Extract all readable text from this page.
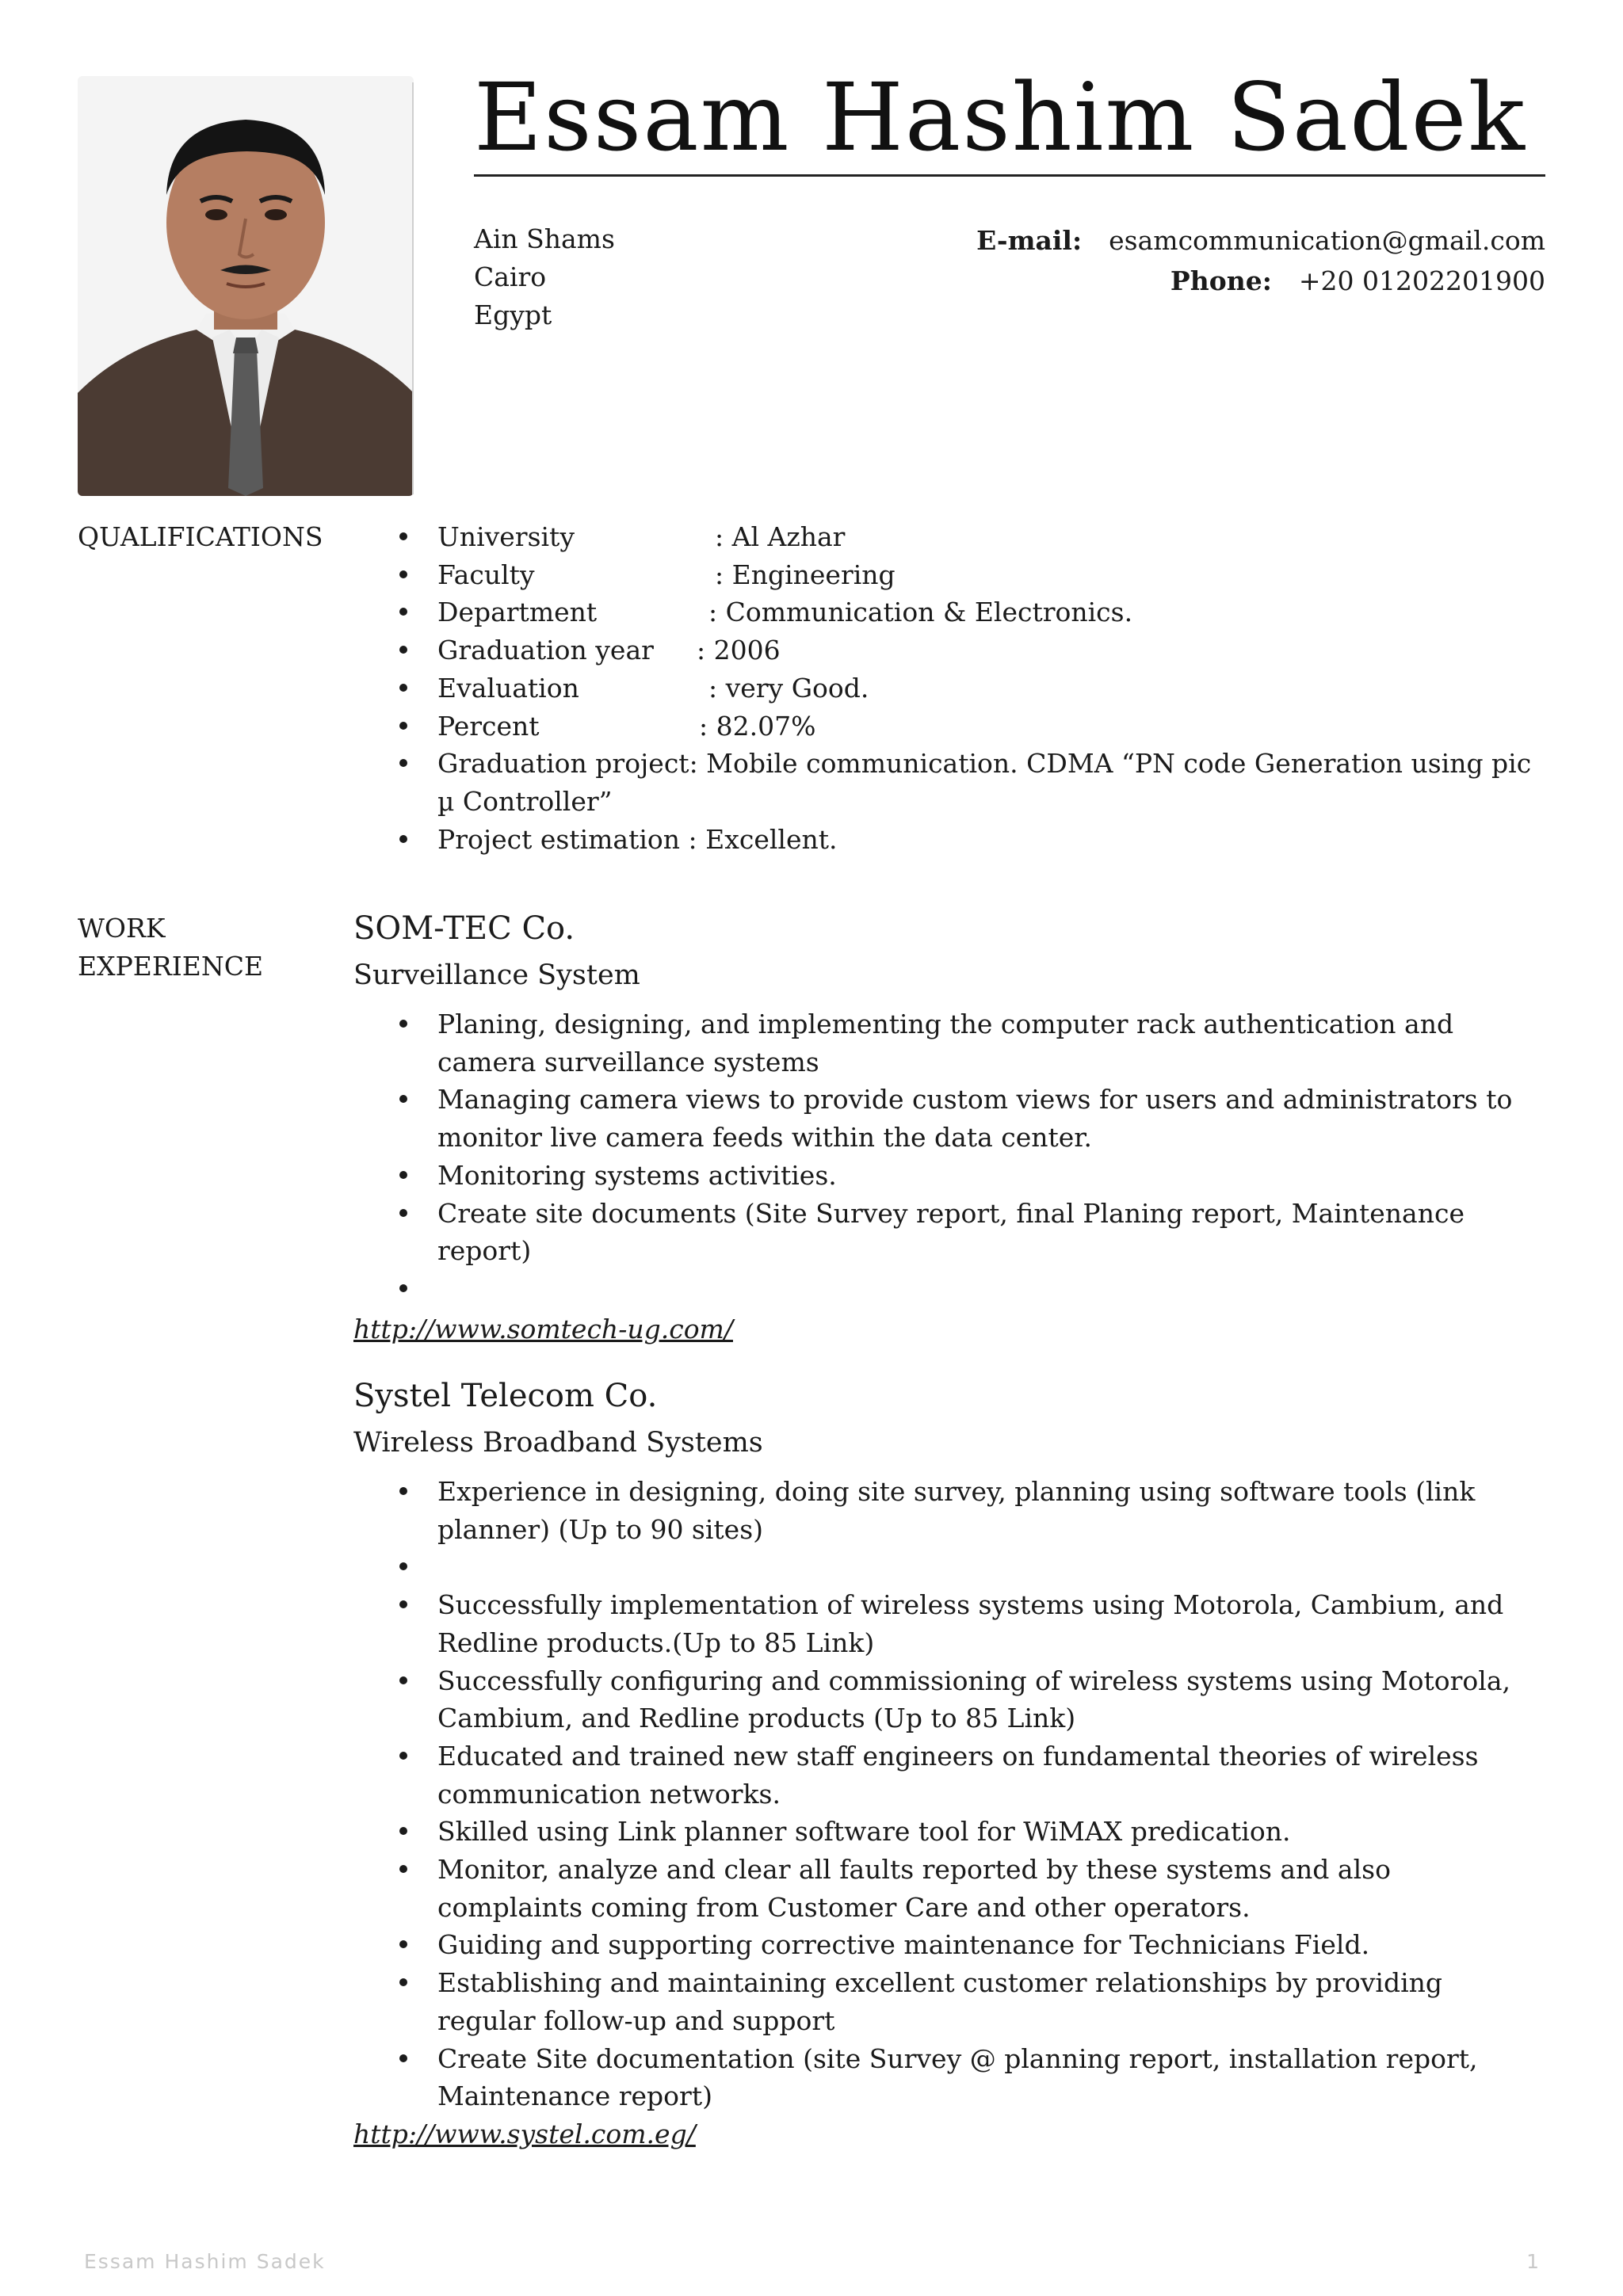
Essam Hashim Sadek
Ain Shams
Cairo
Egypt
E-mail: esamcommunication@gmail.com
Phone: +20 01202201900
QUALIFICATIONS	University	: Al Azhar
Faculty	: Engineering
Department	: Communication & Electronics.
Graduation year : 2006
Evaluation	: very Good.
Percent	: 82.07%
Graduation project: Mobile communication. CDMA “PN code Generation using pic
µ Controller”
Project estimation : Excellent.
WORK
EXPERIENCE
SOM-TEC Co.
Surveillance System
Planing, designing, and implementing the computer rack authentication and
camera surveillance systems
Managing camera views to provide custom views for users and administrators to
monitor live camera feeds within the data center.
Monitoring systems activities.
Create site documents (Site Survey report, final Planing report, Maintenance
report)

http://www.somtech-ug.com/
Systel Telecom Co.
Wireless Broadband Systems
Experience in designing, doing site survey, planning using software tools (link
planner) (Up to 90 sites)

Successfully implementation of wireless systems using Motorola, Cambium, and
Redline products.(Up to 85 Link)
Successfully configuring and commissioning of wireless systems using Motorola,
Cambium, and Redline products (Up to 85 Link)
Educated and trained new staff engineers on fundamental theories of wireless
communication networks.
Skilled using Link planner software tool for WiMAX predication.
Monitor, analyze and clear all faults reported by these systems and also
complaints coming from Customer Care and other operators.
Guiding and supporting corrective maintenance for Technicians Field.
Establishing and maintaining excellent customer relationships by providing
regular follow-up and support
Create Site documentation (site Survey @ planning report, installation report,
Maintenance report)
http://www.systel.com.eg/
Essam Hashim Sadek	1
